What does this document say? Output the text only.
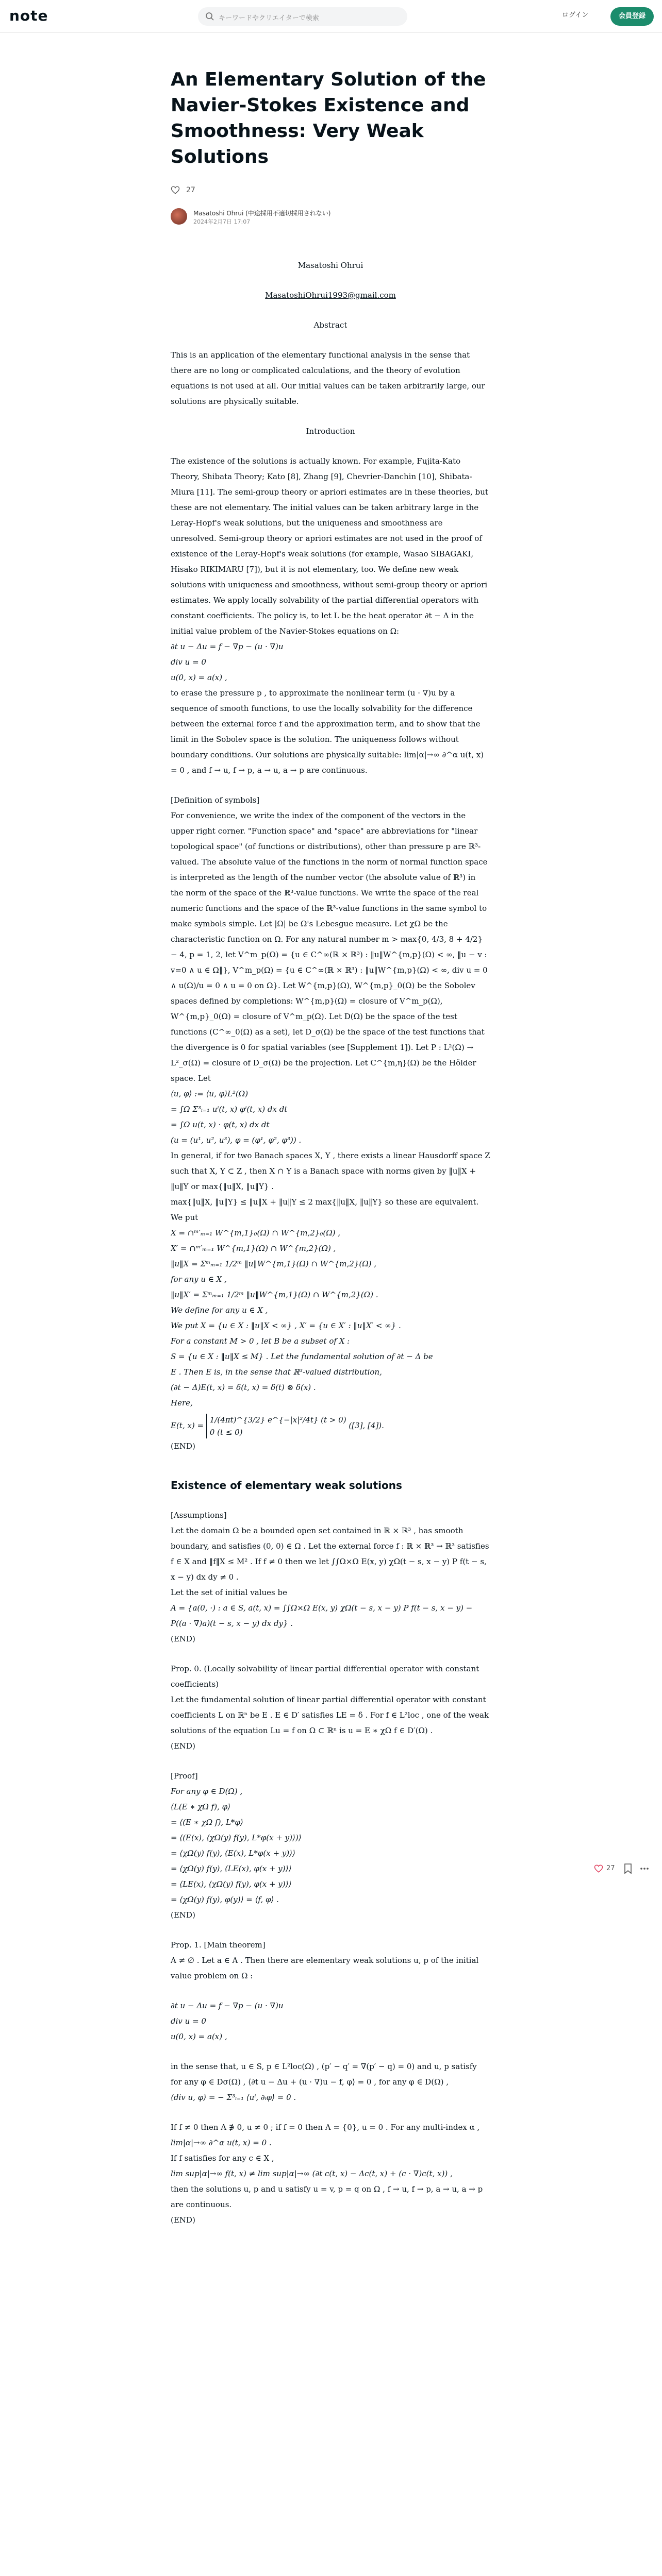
note	キーワードやクリエイターで検索	ログイン	会員登録
An Elementary Solution of the Navier-Stokes Existence and Smoothness: Very Weak Solutions
27
Masatoshi Ohrui (中途採用不適切採用されない)
2024年2月7日 17:07

Masatoshi Ohrui

MasatoshiOhrui1993@gmail.com

Abstract

This is an application of the elementary functional analysis in the sense that there are no long or complicated calculations, and the theory of evolution equations is not used at all. Our initial values can be taken arbitrarily large, our solutions are physically suitable.

Introduction

The existence of the solutions is actually known. For example, Fujita-Kato Theory, Shibata Theory; Kato [8], Zhang [9], Chevrier-Danchin [10], Shibata-Miura [11]. The semi-group theory or apriori estimates are in these theories, but these are not elementary. The initial values can be taken arbitrary large in the Leray-Hopf's weak solutions, but the uniqueness and smoothness are unresolved. Semi-group theory or apriori estimates are not used in the proof of existence of the Leray-Hopf's weak solutions (for example, Wasao SIBAGAKI, Hisako RIKIMARU [7]), but it is not elementary, too. We define new weak solutions with uniqueness and smoothness, without semi-group theory or apriori estimates. We apply locally solvability of the partial differential operators with constant coefficients. The policy is, to let L be the heat operator ∂t − Δ in the initial value problem of the Navier-Stokes equations on Ω:

∂t u − Δu = f − ∇p − (u · ∇)u
div u = 0
u(0, x) = a(x) ,

to erase the pressure p , to approximate the nonlinear term (u · ∇)u by a sequence of smooth functions, to use the locally solvability for the difference between the external force f and the approximation term, and to show that the limit in the Sobolev space is the solution. The uniqueness follows without boundary conditions. Our solutions are physically suitable: lim|α|→∞ ∂^α u(t, x) = 0 , and f → u, f → p, a → u, a → p are continuous.

[Definition of symbols]

For convenience, we write the index of the component of the vectors in the upper right corner. "Function space" and "space" are abbreviations for "linear topological space" (of functions or distributions), other than pressure p are ℝ³-valued. The absolute value of the functions in the norm of normal function space is interpreted as the length of the number vector (the absolute value of ℝ³) in the norm of the space of the ℝ³-value functions. We write the space of the real numeric functions and the space of the ℝ³-value functions in the same symbol to make symbols simple. Let |Ω| be Ω's Lebesgue measure. Let χΩ be the characteristic function on Ω. For any natural number m > max{0, 4/3, 8 + 4/2} − 4, p = 1, 2, let V^m_p(Ω) = {u ∈ C^∞(ℝ × ℝ³) : ‖u‖W^{m,p}(Ω) < ∞, ‖u − v : v=0 ∧ u ∈ Ω‖}, V^m_p(Ω) = {u ∈ C^∞(ℝ × ℝ³) : ‖u‖W^{m,p}(Ω) < ∞, div u = 0 ∧ u(Ω)/u = 0 ∧ u = 0 on Ω}. Let W^{m,p}(Ω), W^{m,p}_0(Ω) be the Sobolev spaces defined by completions: W^{m,p}(Ω) = closure of V^m_p(Ω), W^{m,p}_0(Ω) = closure of V^m_p(Ω). Let D(Ω) be the space of the test functions (C^∞_0(Ω) as a set), let D_σ(Ω) be the space of the test functions that the divergence is 0 for spatial variables (see [Supplement 1]). Let P : L²(Ω) → L²_σ(Ω) = closure of D_σ(Ω) be the projection. Let C^{m,η}(Ω) be the Hölder space. Let

⟨u, φ⟩ := ⟨u, φ⟩L²(Ω)
= ∫Ω Σ³ᵢ₌₁ uⁱ(t, x) φⁱ(t, x) dx dt
= ∫Ω u(t, x) · φ(t, x) dx dt
(u = (u¹, u², u³), φ = (φ¹, φ², φ³)) .

In general, if for two Banach spaces X, Y , there exists a linear Hausdorff space Z such that X, Y ⊂ Z , then X ∩ Y is a Banach space with norms given by ‖u‖X + ‖u‖Y or max{‖u‖X, ‖u‖Y} .

max{‖u‖X, ‖u‖Y} ≤ ‖u‖X + ‖u‖Y ≤ 2 max{‖u‖X, ‖u‖Y} so these are equivalent. We put

X = ∩ᵐ′ₘ₌₁ W^{m,1}₀(Ω) ∩ W^{m,2}₀(Ω) ,
X′ = ∩ᵐ′ₘ₌₁ W^{m,1}(Ω) ∩ W^{m,2}(Ω) ,
‖u‖X = Σᵐₘ₌₁ 1/2ᵐ ‖u‖W^{m,1}(Ω) ∩ W^{m,2}(Ω) ,
for any u ∈ X ,
‖u‖X′ = Σᵐₘ₌₁ 1/2ᵐ ‖u‖W^{m,1}(Ω) ∩ W^{m,2}(Ω) .
We define for any u ∈ X ,
We put X = {u ∈ X : ‖u‖X < ∞} , X′ = {u ∈ X′ : ‖u‖X′ < ∞} .
For a constant M > 0 , let B be a subset of X :
S = {u ∈ X : ‖u‖X ≤ M} . Let the fundamental solution of ∂t − Δ be
E . Then E is, in the sense that ℝ³-valued distribution,
(∂t − Δ)E(t, x) = δ(t, x) = δ(t) ⊗ δ(x) .
Here,
E(t, x) =
1/(4πt)^{3/2} e^{−|x|²/4t} (t > 0)
0 (t ≤ 0)
([3], [4]).

(END)

Existence of elementary weak solutions

[Assumptions]

Let the domain Ω be a bounded open set contained in ℝ × ℝ³ , has smooth boundary, and satisfies (0, 0) ∈ Ω . Let the external force f : ℝ × ℝ³ → ℝ³ satisfies f ∈ X and ‖f‖X ≤ M² . If f ≠ 0 then we let ∫∫Ω×Ω E(x, y) χΩ(t − s, x − y) P f(t − s, x − y) dx dy ≠ 0 .

Let the set of initial values be

A = {a(0, ·) : a ∈ S, a(t, x) = ∫∫Ω×Ω E(x, y) χΩ(t − s, x − y) P f(t − s, x − y) − P((a · ∇)a)(t − s, x − y) dx dy} .

(END)

Prop. 0. (Locally solvability of linear partial differential operator with constant coefficients)

Let the fundamental solution of linear partial differential operator with constant coefficients L on ℝⁿ be E . E ∈ D′ satisfies LE = δ . For f ∈ L²loc , one of the weak solutions of the equation Lu = f on Ω ⊂ ℝⁿ is u = E ∗ χΩ f ∈ D′(Ω) .

(END)

[Proof]

For any φ ∈ D(Ω) ,
⟨L(E ∗ χΩ f), φ⟩
= ⟨(E ∗ χΩ f), L*φ⟩
= ⟨(E(x), ⟨χΩ(y) f(y), L*φ(x + y)⟩)⟩
= ⟨χΩ(y) f(y), ⟨E(x), L*φ(x + y)⟩⟩
= ⟨χΩ(y) f(y), ⟨LE(x), φ(x + y)⟩⟩
= ⟨LE(x), ⟨χΩ(y) f(y), φ(x + y)⟩⟩
= ⟨χΩ(y) f(y), φ(y)⟩ = ⟨f, φ⟩ .

(END)

Prop. 1. [Main theorem]

A ≠ ∅ . Let a ∈ A . Then there are elementary weak solutions u, p of the initial value problem on Ω :

∂t u − Δu = f − ∇p − (u · ∇)u
div u = 0
u(0, x) = a(x) ,

in the sense that, u ∈ S, p ∈ L²loc(Ω) , (p′ − q′ = ∇(p′ − q) = 0) and u, p satisfy for any φ ∈ Dσ(Ω) , ⟨∂t u − Δu + (u · ∇)u − f, φ⟩ = 0 , for any φ ∈ D(Ω) ,

⟨div u, φ⟩ = − Σ³ᵢ₌₁ ⟨uⁱ, ∂ᵢφ⟩ = 0 .

If f ≠ 0 then A ∌ 0, u ≠ 0 ; if f = 0 then A = {0}, u = 0 . For any multi-index α ,

lim|α|→∞ ∂^α u(t, x) = 0 .

If f satisfies for any c ∈ X ,

lim sup|α|→∞ f(t, x) ≠ lim sup|α|→∞ (∂t c(t, x) − Δc(t, x) + (c · ∇)c(t, x)) ,

then the solutions u, p and u satisfy u = v, p = q on Ω , f → u, f → p, a → u, a → p are continuous.

(END)

27
